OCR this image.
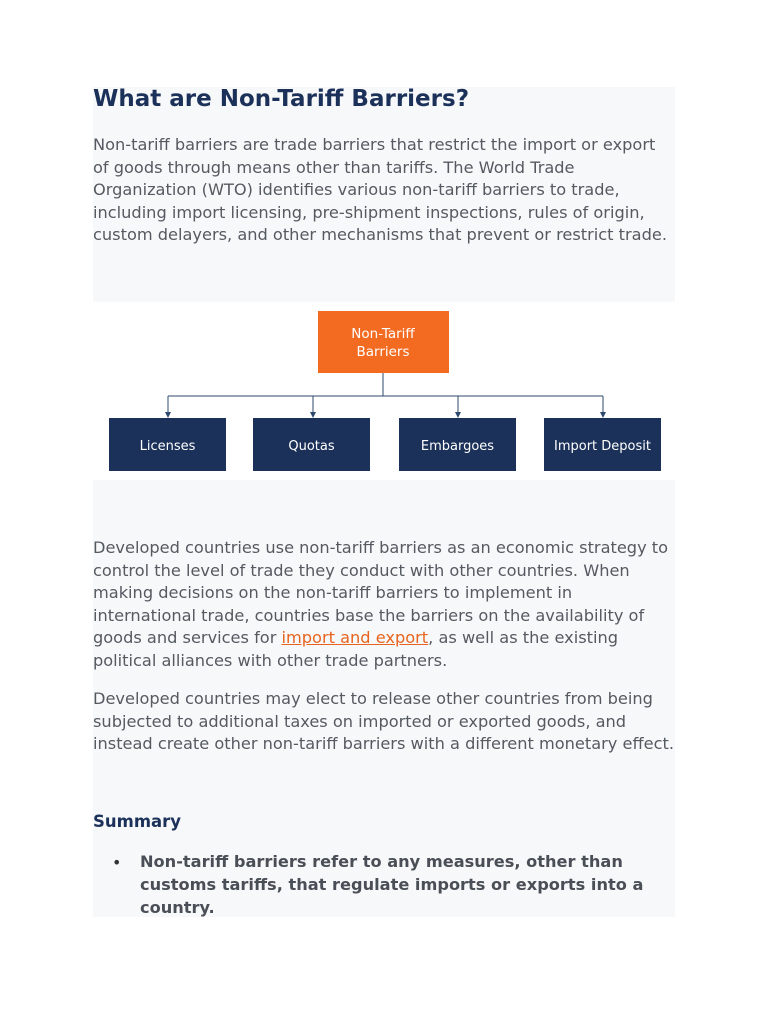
What are Non-Tariff Barriers?

Non-tariff barriers are trade barriers that restrict the import or export
of goods through means other than tariffs. The World Trade
Organization (WTO) identifies various non-tariff barriers to trade,
including import licensing, pre-shipment inspections, rules of origin,
custom delayers, and other mechanisms that prevent or restrict trade.

Non-Tariff
Barriers
Licenses	Quotas	Embargoes	Import Deposit

Developed countries use non-tariff barriers as an economic strategy to
control the level of trade they conduct with other countries. When
making decisions on the non-tariff barriers to implement in
international trade, countries base the barriers on the availability of
goods and services for import and export, as well as the existing
political alliances with other trade partners.

Developed countries may elect to release other countries from being
subjected to additional taxes on imported or exported goods, and
instead create other non-tariff barriers with a different monetary effect.

Summary
• Non-tariff barriers refer to any measures, other than
customs tariffs, that regulate imports or exports into a
country.
